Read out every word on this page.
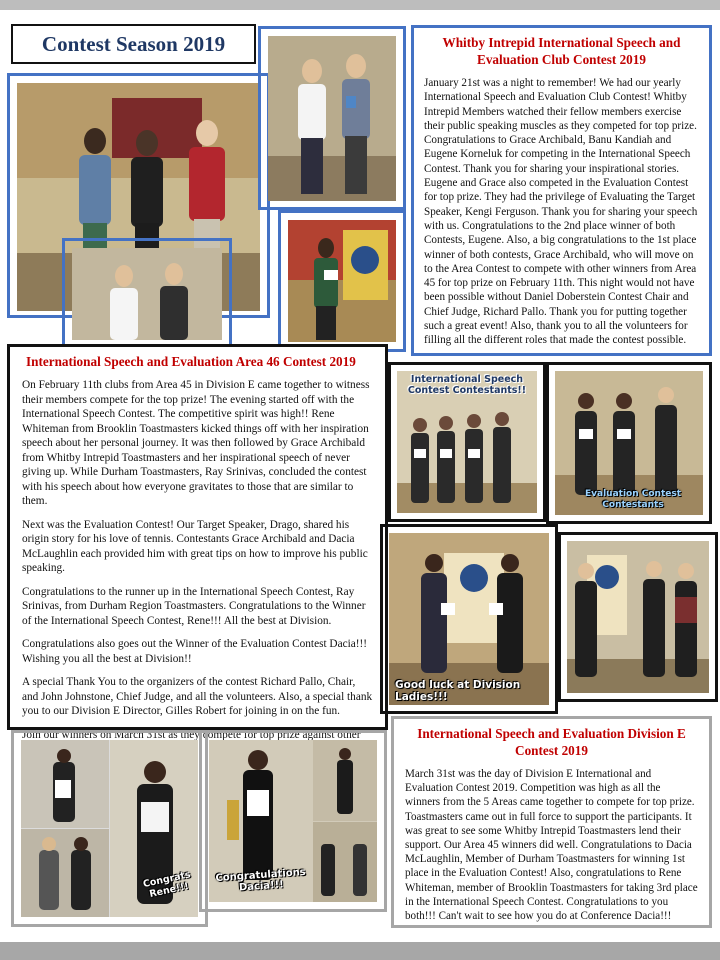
Contest Season 2019	Whitby Intrepid International Speech and Evaluation Club Contest 2019

January 21st was a night to remember! We had our yearly International Speech and Evaluation Club Contest! Whitby Intrepid Members watched their fellow members exercise their public speaking muscles as they competed for top prize. Congratulations to Grace Archibald, Banu Kandiah and Eugene Korneluk for competing in the International Speech Contest. Thank you for sharing your inspirational stories. Eugene and Grace also competed in the Evaluation Contest for top prize. They had the privilege of Evaluating the Target Speaker, Kengi Ferguson. Thank you for sharing your speech with us. Congratulations to the 2nd place winner of both Contests, Eugene. Also, a big congratulations to the 1st place winner of both contests, Grace Archibald, who will move on to the Area Contest to compete with other winners from Area 45 for top prize on February 11th. This night would not have been possible without Daniel Doberstein Contest Chair and Chief Judge, Richard Pallo. Thank you for putting together such a great event! Also, thank you to all the volunteers for filling all the different roles that made the contest possible.

International Speech and Evaluation Area 46 Contest 2019

On February 11th clubs from Area 45 in Division E came together to witness their members compete for the top prize! The evening started off with the International Speech Contest. The competitive spirit was high!! Rene Whiteman from Brooklin Toastmasters kicked things off with her inspiration speech about her personal journey. It was then followed by Grace Archibald from Whitby Intrepid Toastmasters and her inspirational speech of never giving up. While Durham Toastmasters, Ray Srinivas, concluded the contest with his speech about how everyone gravitates to those that are similar to them.

Next was the Evaluation Contest! Our Target Speaker, Drago, shared his origin story for his love of tennis. Contestants Grace Archibald and Dacia McLaughlin each provided him with great tips on how to improve his public speaking.

Congratulations to the runner up in the International Speech Contest, Ray Srinivas, from Durham Region Toastmasters. Congratulations to the Winner of the International Speech Contest, Rene!!! All the best at Division.

Congratulations also goes out the Winner of the Evaluation Contest Dacia!!! Wishing you all the best at Division!!

A special Thank You to the organizers of the contest Richard Pallo, Chair, and John Johnstone, Chief Judge, and all the volunteers. Also, a special thank you to our Division E Director, Gilles Robert for joining in on the fun.

Join our winners on March 31st as they compete for top prize against other

International Speech Contest Contestants!!
Evaluation Contest Contestants
Good luck at Division Ladies!!!
Congrats Rene!!!
Congratulations Dacia!!!

International Speech and Evaluation Division E Contest 2019

March 31st was the day of Division E International and Evaluation Contest 2019. Competition was high as all the winners from the 5 Areas came together to compete for top prize. Toastmasters came out in full force to support the participants. It was great to see some Whitby Intrepid Toastmasters lend their support. Our Area 45 winners did well. Congratulations to Dacia McLaughlin, Member of Durham Toastmasters for winning 1st place in the Evaluation Contest! Also, congratulations to Rene Whiteman, member of Brooklin Toastmasters for taking 3rd place in the International Speech Contest. Congratulations to you both!!! Can't wait to see how you do at Conference Dacia!!!
